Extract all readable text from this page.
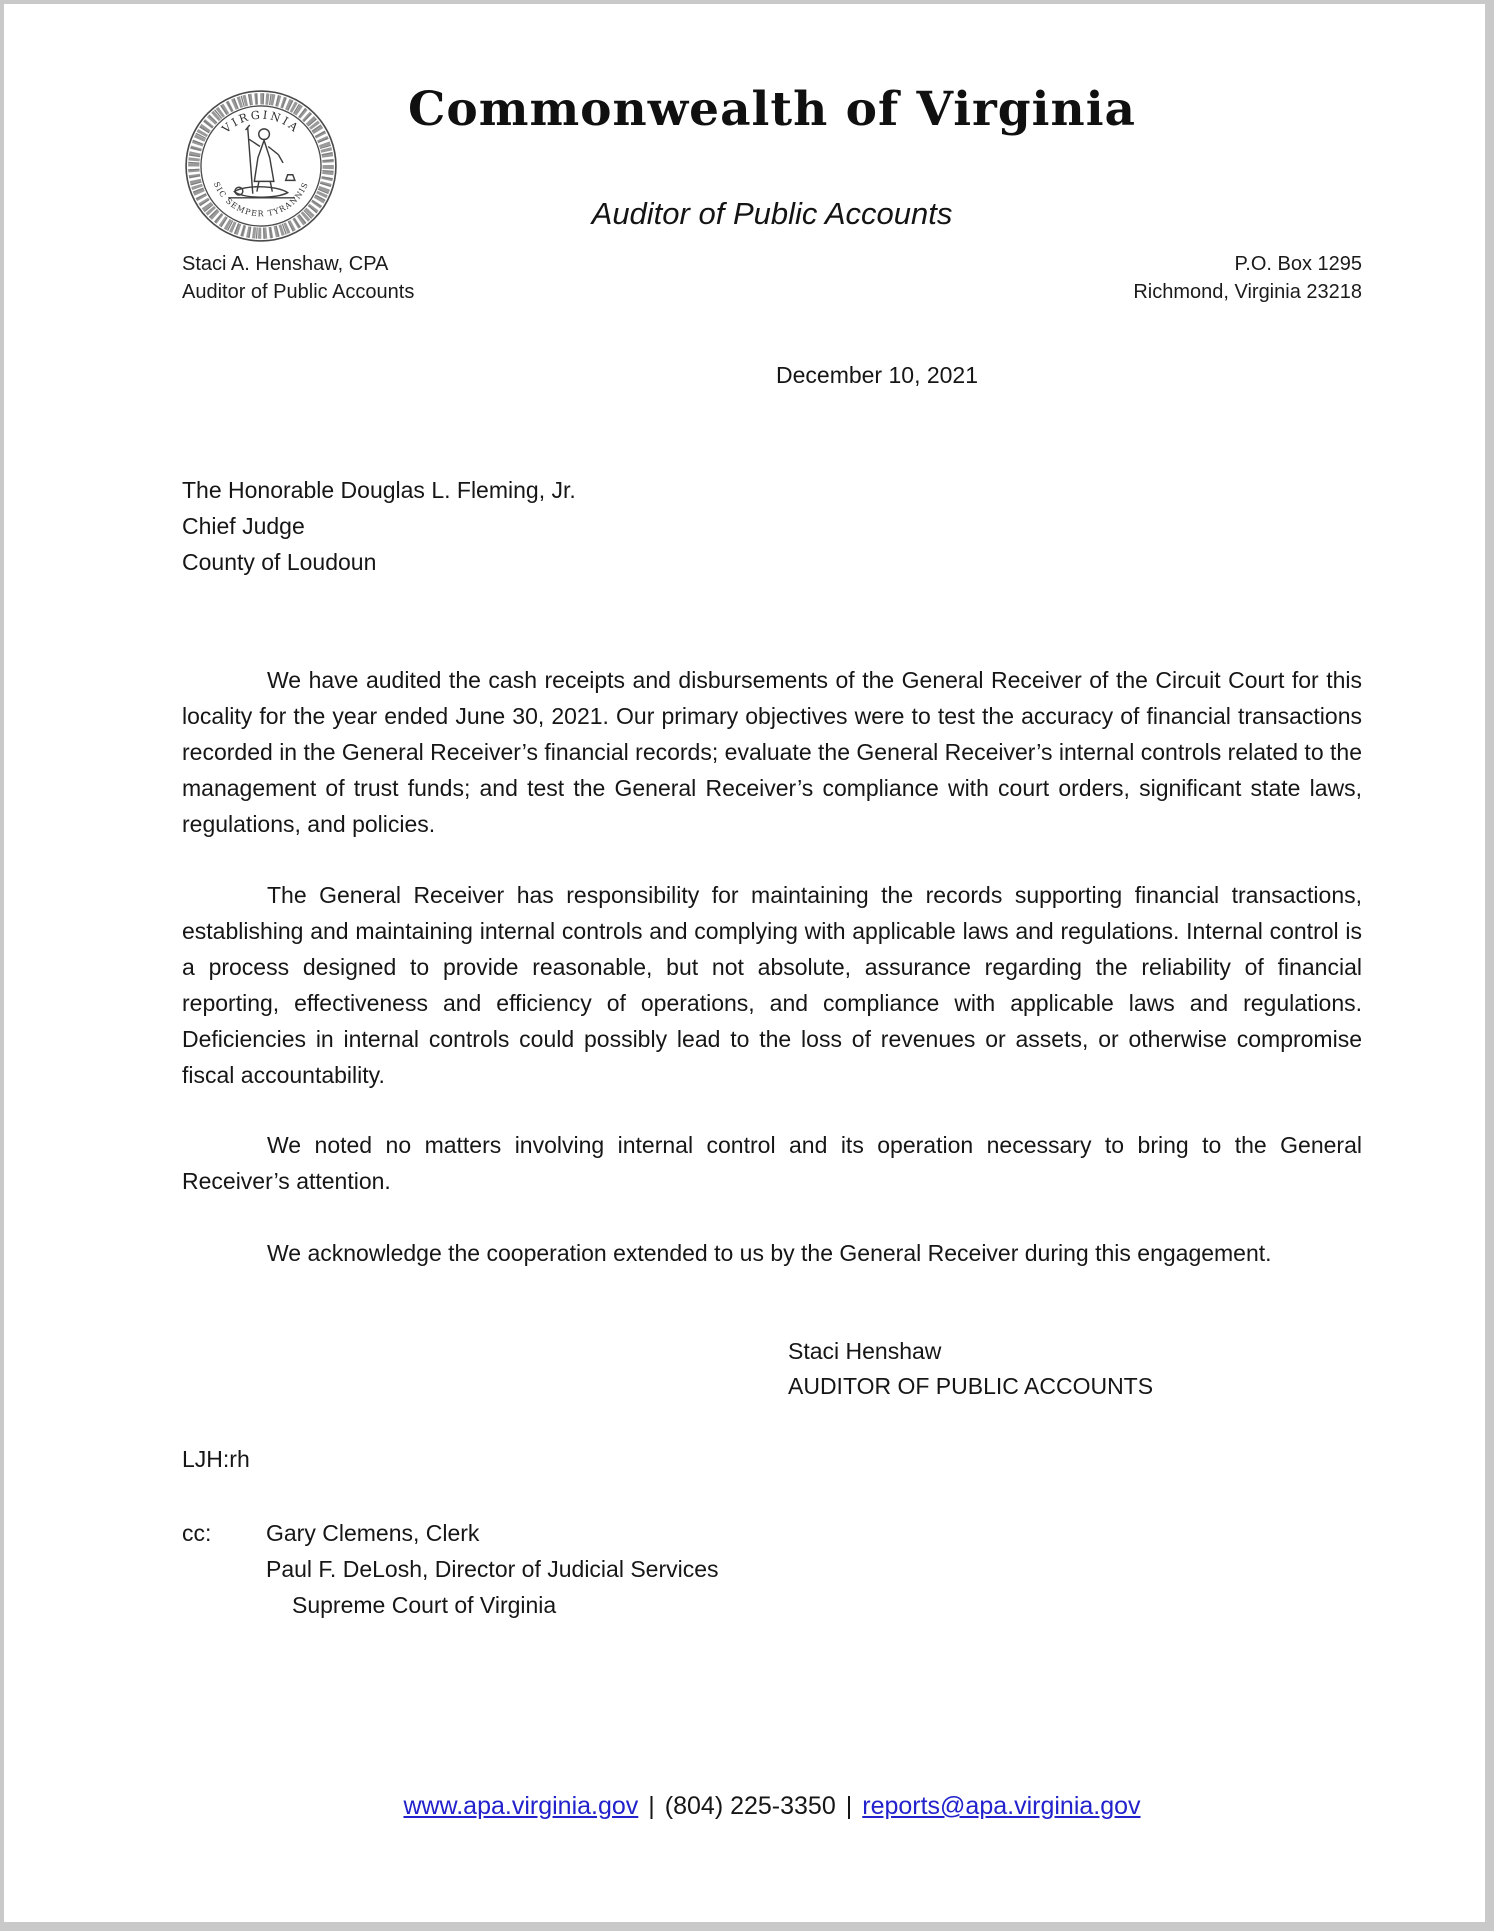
VIRGINIA
SIC SEMPER TYRANNIS
Commonwealth of Virginia
Auditor of Public Accounts
Staci A. Henshaw, CPA
Auditor of Public Accounts
P.O. Box 1295
Richmond, Virginia 23218
December 10, 2021
The Honorable Douglas L. Fleming, Jr.
Chief Judge
County of Loudoun

We have audited the cash receipts and disbursements of the General Receiver of the Circuit Court for this locality for the year ended June 30, 2021. Our primary objectives were to test the accuracy of financial transactions recorded in the General Receiver’s financial records; evaluate the General Receiver’s internal controls related to the management of trust funds; and test the General Receiver’s compliance with court orders, significant state laws, regulations, and policies.

The General Receiver has responsibility for maintaining the records supporting financial transactions, establishing and maintaining internal controls and complying with applicable laws and regulations. Internal control is a process designed to provide reasonable, but not absolute, assurance regarding the reliability of financial reporting, effectiveness and efficiency of operations, and compliance with applicable laws and regulations. Deficiencies in internal controls could possibly lead to the loss of revenues or assets, or otherwise compromise fiscal accountability.

We noted no matters involving internal control and its operation necessary to bring to the General Receiver’s attention.

We acknowledge the cooperation extended to us by the General Receiver during this engagement.

Staci Henshaw
AUDITOR OF PUBLIC ACCOUNTS
LJH:rh
cc:	Gary Clemens, Clerk
Paul F. DeLosh, Director of Judicial Services
Supreme Court of Virginia
www.apa.virginia.gov | (804) 225-3350 | reports@apa.virginia.gov
